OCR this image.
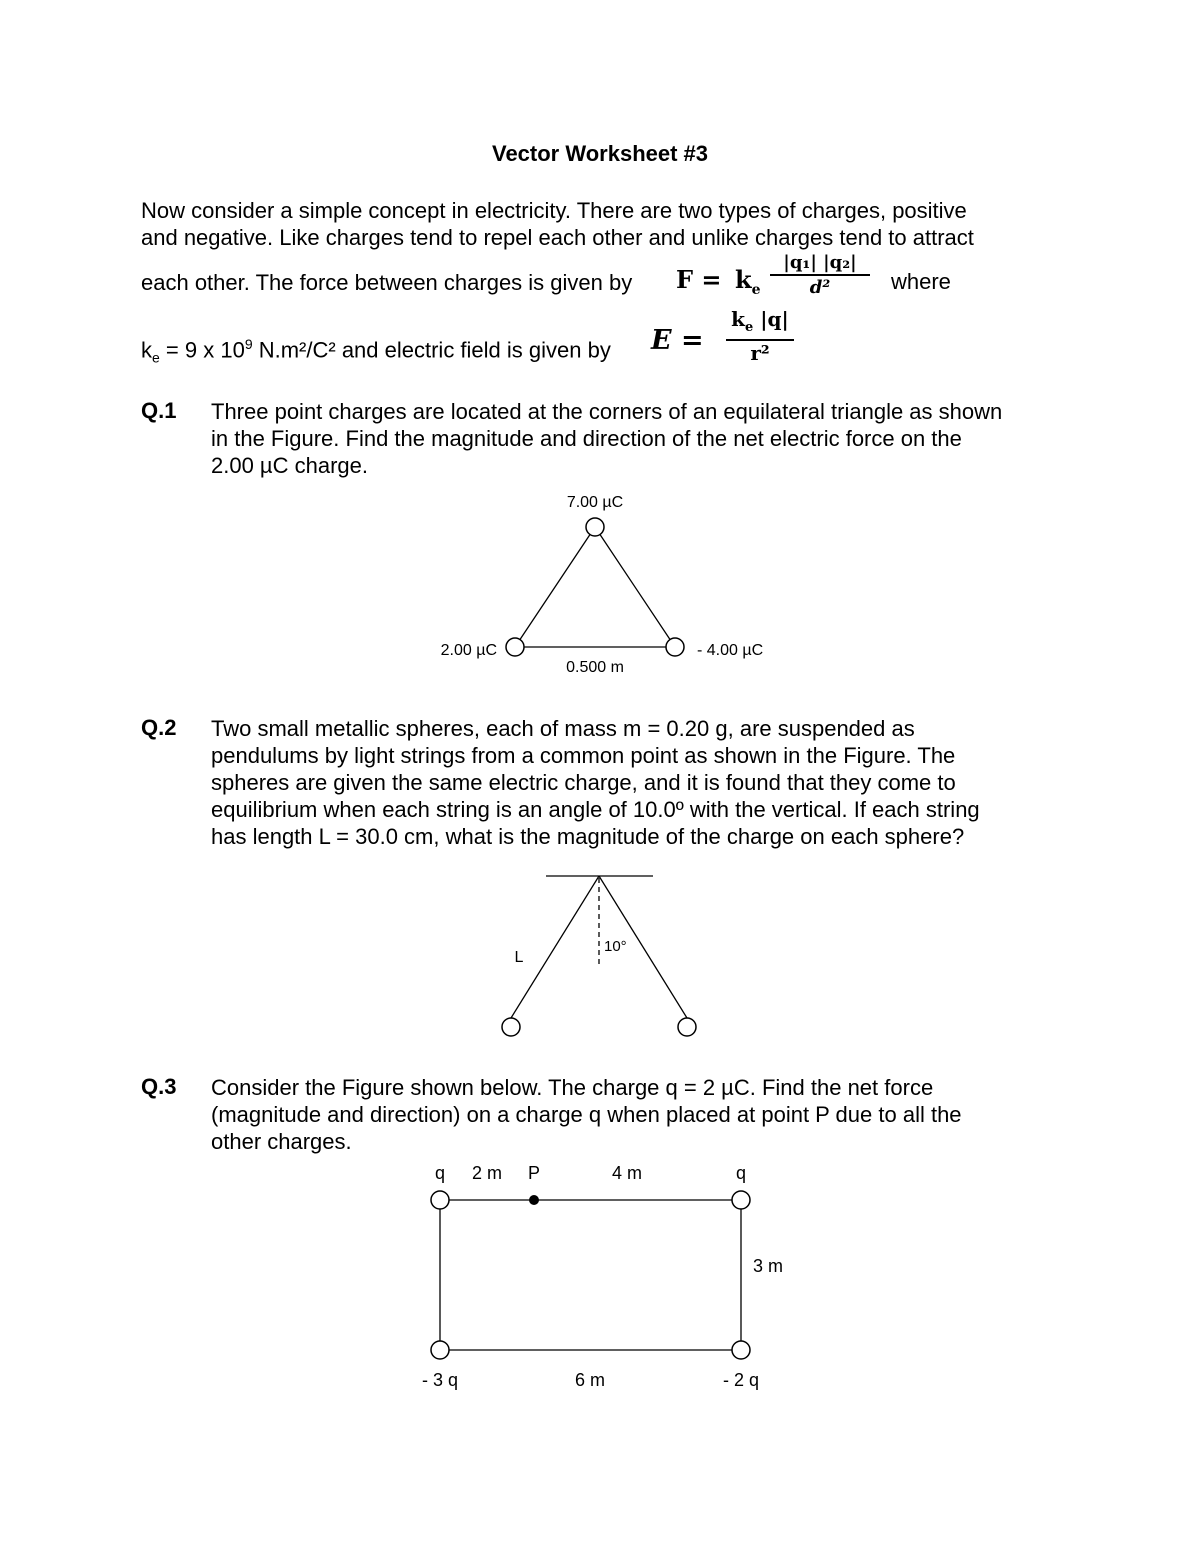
Vector Worksheet #3
Now consider a simple concept in electricity. There are two types of charges, positive
and negative. Like charges tend to repel each other and unlike charges tend to attract
each other. The force between charges is given by $F = k_e$
|q₁| |q₂|
d²	where
$k_e = 9$ x $10^9$ N.m²/C² and electric field is given by E =
$k_e$ |q|
r²
Q.1 Three point charges are located at the corners of an equilateral triangle as shown
in the Figure. Find the magnitude and direction of the net electric force on the
2.00 µC charge.
7.00 µC
2.00 µC	- 4.00 µC
0.500 m
Q.2 Two small metallic spheres, each of mass m = 0.20 g, are suspended as
pendulums by light strings from a common point as shown in the Figure. The
spheres are given the same electric charge, and it is found that they come to
equilibrium when each string is an angle of 10.0º with the vertical. If each string
has length L = 30.0 cm, what is the magnitude of the charge on each sphere?
L
10°
Q.3 Consider the Figure shown below. The charge q = 2 µC. Find the net force
(magnitude and direction) on a charge q when placed at point P due to all the
other charges.
q 2 m P	4 m	q
3 m
- 3 q	6 m	- 2 q
